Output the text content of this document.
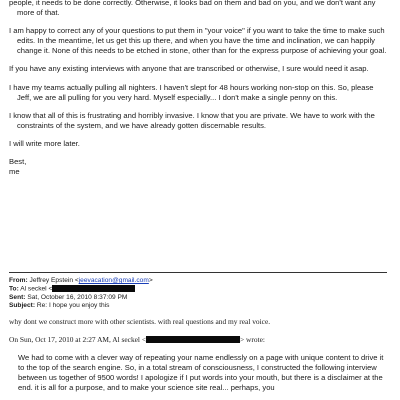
people, it needs to be done correctly. Otherwise, it looks bad on them and bad on you, and we don't want any more of that.

I am happy to correct any of your questions to put them in "your voice" if you want to take the time to make such edits. In the meantime, let us get this up there, and when you have the time and inclination, we can happily change it. None of this needs to be etched in stone, other than for the express purpose of achieving your goal.

If you have any existing interviews with anyone that are transcribed or otherwise, I sure would need it asap.

I have my teams actually pulling all nighters. I haven't slept for 48 hours working non-stop on this. So, please Jeff, we are all pulling for you very hard. Myself especially... I don't make a single penny on this.

I know that all of this is frustrating and horribly invasive. I know that you are private. We have to work with the constraints of the system, and we have already gotten discernable results.

I will write more later.

Best,

me

From: Jeffrey Epstein <jeevacation@gmail.com>
To: Al seckel <
Sent: Sat, October 16, 2010 8:37:09 PM
Subject: Re: I hope you enjoy this
why dont we construct more with other scientists. with real questions and my real voice.
On Sun, Oct 17, 2010 at 2:27 AM, Al seckel <	> wrote:
We had to come with a clever way of repeating your name endlessly on a page with unique content to drive it to the top of the search engine. So, in a total stream of consciousness, I constructed the following interview between us together of 9500 words! I apologize if I put words into your mouth, but there is a disclaimer at the end. it is all for a purpose, and to make your science site real... perhaps, you
